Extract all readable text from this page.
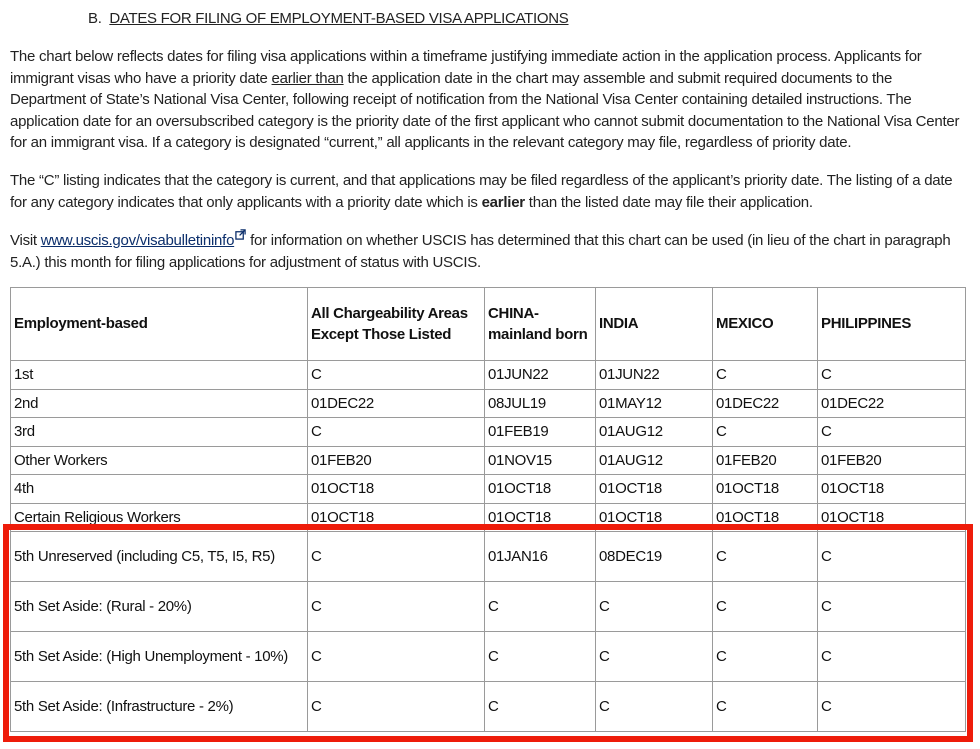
B. DATES FOR FILING OF EMPLOYMENT-BASED VISA APPLICATIONS
The chart below reflects dates for filing visa applications within a timeframe justifying immediate action in the application process. Applicants for immigrant visas who have a priority date earlier than the application date in the chart may assemble and submit required documents to the Department of State’s National Visa Center, following receipt of notification from the National Visa Center containing detailed instructions. The application date for an oversubscribed category is the priority date of the first applicant who cannot submit documentation to the National Visa Center for an immigrant visa. If a category is designated “current,” all applicants in the relevant category may file, regardless of priority date.
The “C” listing indicates that the category is current, and that applications may be filed regardless of the applicant’s priority date. The listing of a date for any category indicates that only applicants with a priority date which is earlier than the listed date may file their application.
Visit www.uscis.gov/visabulletininfo for information on whether USCIS has determined that this chart can be used (in lieu of the chart in paragraph 5.A.) this month for filing applications for adjustment of status with USCIS.
Employment-based	All Chargeability Areas Except Those Listed	CHINA-mainland born	INDIA	MEXICO	PHILIPPINES
1st	C	01JUN22	01JUN22	C	C
2nd	01DEC22	08JUL19	01MAY12	01DEC22	01DEC22
3rd	C	01FEB19	01AUG12	C	C
Other Workers	01FEB20	01NOV15	01AUG12	01FEB20	01FEB20
4th	01OCT18	01OCT18	01OCT18	01OCT18	01OCT18
Certain Religious Workers	01OCT18	01OCT18	01OCT18	01OCT18	01OCT18
5th Unreserved (including C5, T5, I5, R5)	C	01JAN16	08DEC19	C	C
5th Set Aside: (Rural - 20%)	C	C	C	C	C
5th Set Aside: (High Unemployment - 10%)	C	C	C	C	C
5th Set Aside: (Infrastructure - 2%)	C	C	C	C	C
